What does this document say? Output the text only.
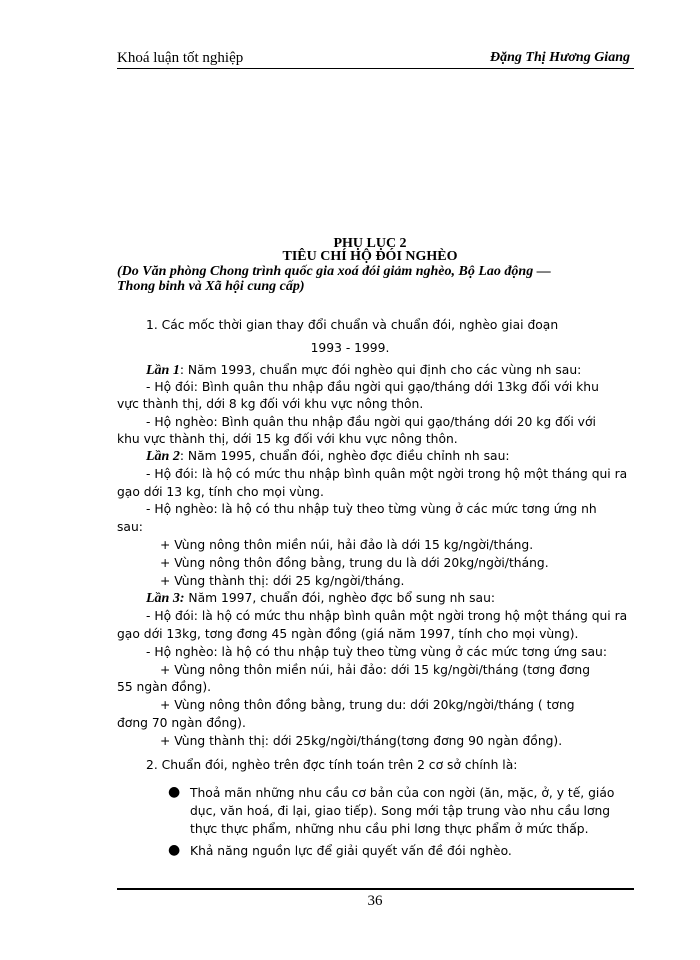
Khoá luận tốt nghiệp	Đặng Thị Hương Giang
PHỤ LỤC 2
TIÊU CHÍ HỘ ĐÓI NGHÈO
(Do Văn phòng Chong trình quốc gia xoá đói giảm nghèo, Bộ Lao động —
Thong binh và Xã hội cung cấp)
1. Các mốc thời gian thay đổi chuẩn và chuẩn đói, nghèo giai đoạn
1993 - 1999.
Lần 1: Năm 1993, chuẩn mực đói nghèo qui định cho các vùng nh sau:
- Hộ đói: Bình quân thu nhập đầu ngời qui gạo/tháng dới 13kg đối với khu
vực thành thị, dới 8 kg đối với khu vực nông thôn.
- Hộ nghèo: Bình quân thu nhập đầu ngời qui gạo/tháng dới 20 kg đối với
khu vực thành thị, dới 15 kg đối với khu vực nông thôn.
Lần 2: Năm 1995, chuẩn đói, nghèo đợc điều chỉnh nh sau:
- Hộ đói: là hộ có mức thu nhập bình quân một ngời trong hộ một tháng qui ra
gạo dới 13 kg, tính cho mọi vùng.
- Hộ nghèo: là hộ có thu nhập tuỳ theo từng vùng ở các mức tơng ứng nh
sau:
+ Vùng nông thôn miền núi, hải đảo là dới 15 kg/ngời/tháng.
+ Vùng nông thôn đồng bằng, trung du là dới 20kg/ngời/tháng.
+ Vùng thành thị: dới 25 kg/ngời/tháng.
Lần 3: Năm 1997, chuẩn đói, nghèo đợc bổ sung nh sau:
- Hộ đói: là hộ có mức thu nhập bình quân một ngời trong hộ một tháng qui ra
gạo dới 13kg, tơng đơng 45 ngàn đồng (giá năm 1997, tính cho mọi vùng).
- Hộ nghèo: là hộ có thu nhập tuỳ theo từng vùng ở các mức tơng ứng sau:
+ Vùng nông thôn miền núi, hải đảo: dới 15 kg/ngời/tháng (tơng đơng
55 ngàn đồng).
+ Vùng nông thôn đồng bằng, trung du: dới 20kg/ngời/tháng ( tơng
đơng 70 ngàn đồng).
+ Vùng thành thị: dới 25kg/ngời/tháng(tơng đơng 90 ngàn đồng).
2. Chuẩn đói, nghèo trên đợc tính toán trên 2 cơ sở chính là:
● Thoả mãn những nhu cầu cơ bản của con ngời (ăn, mặc, ở, y tế, giáo
dục, văn hoá, đi lại, giao tiếp). Song mới tập trung vào nhu cầu lơng
thực thực phẩm, những nhu cầu phi lơng thực phẩm ở mức thấp.
● Khả năng nguồn lực để giải quyết vấn đề đói nghèo.
36
